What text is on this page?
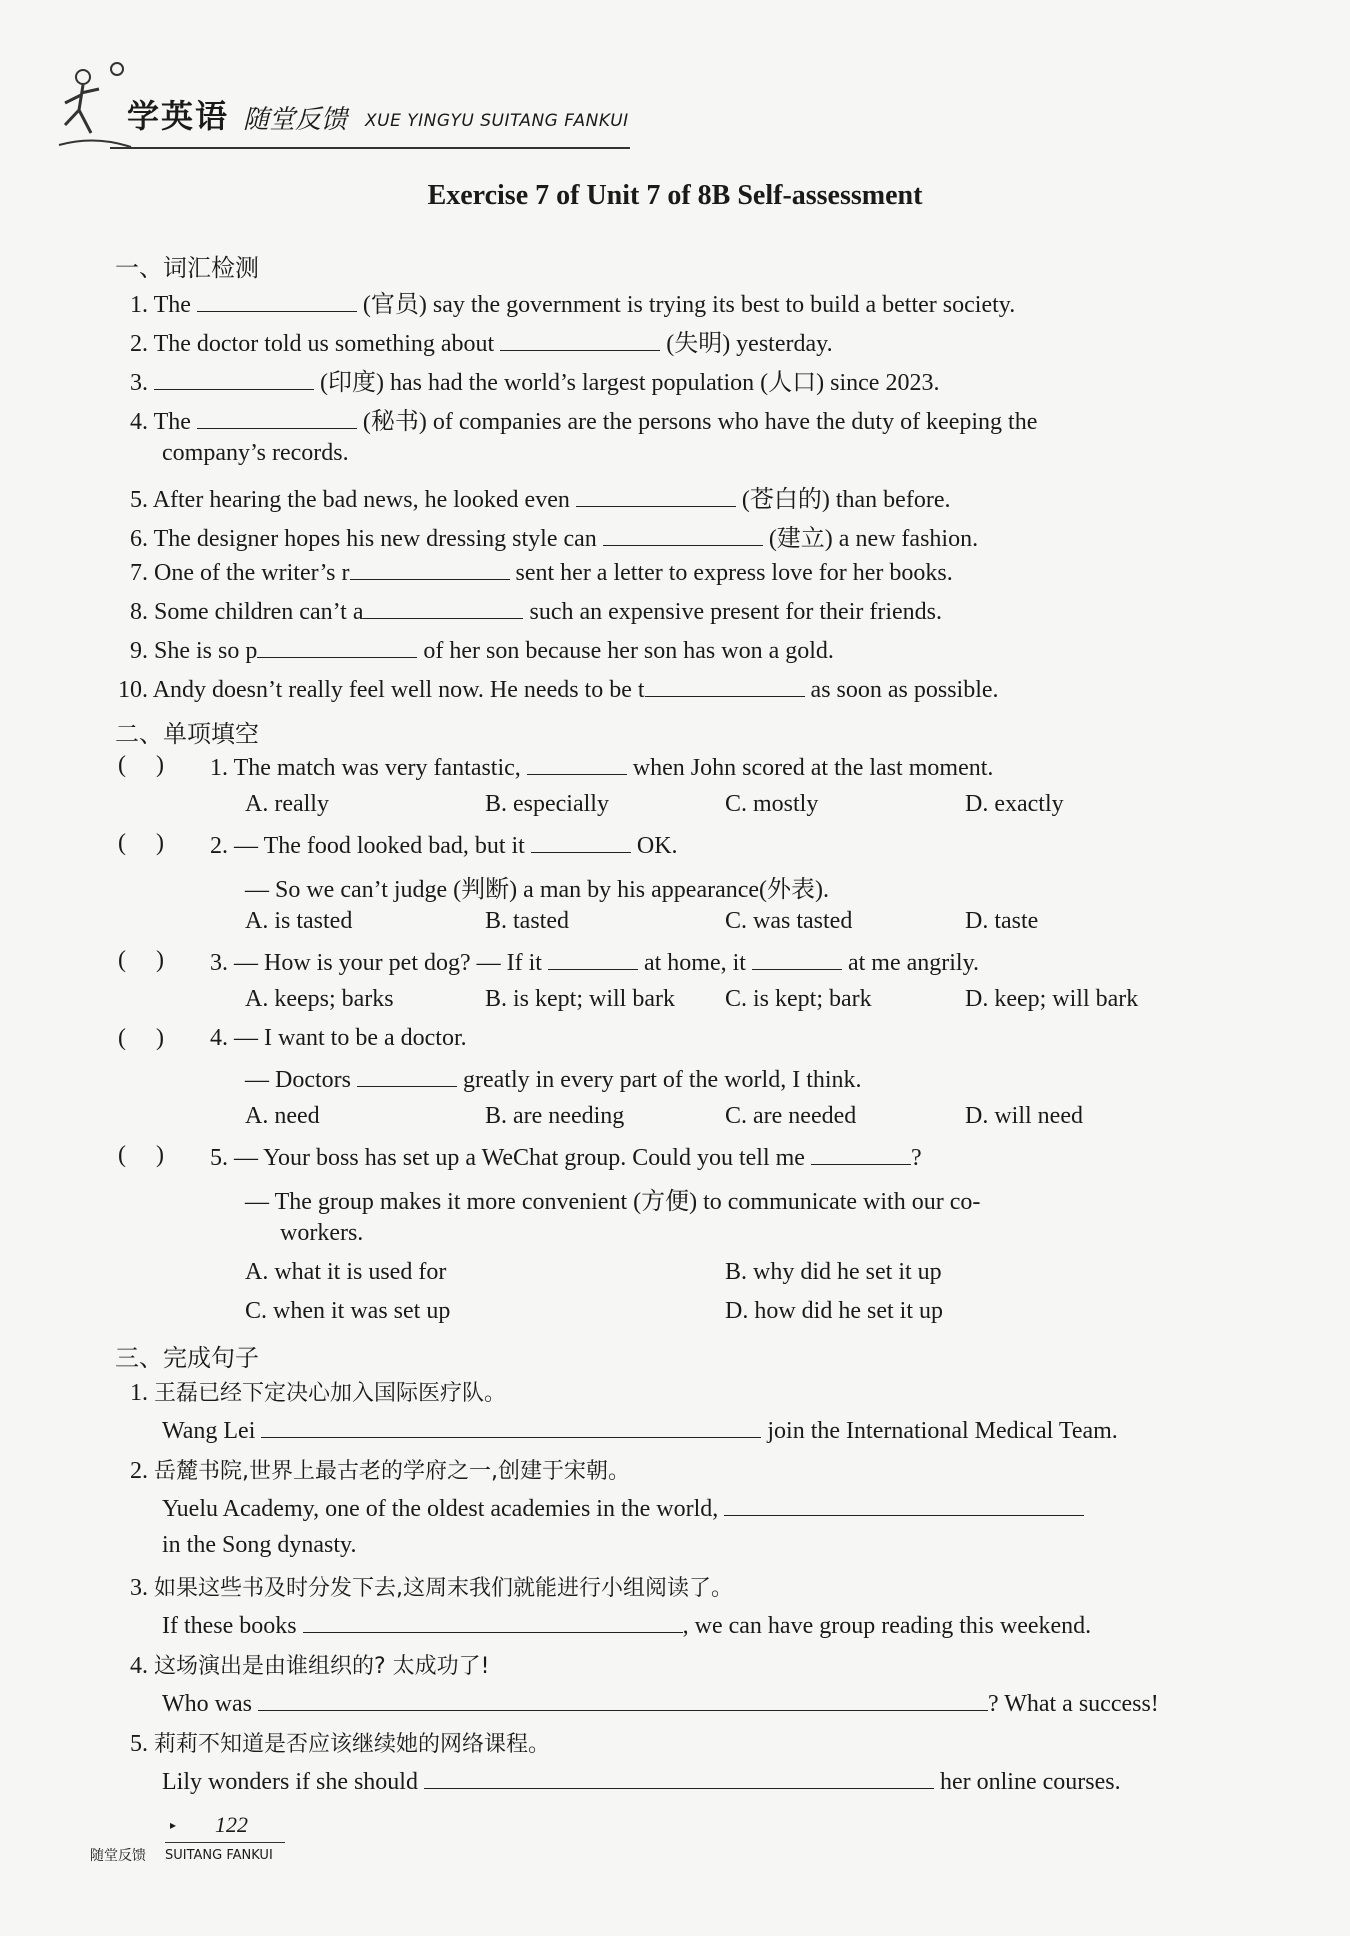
学英语 随堂反馈 XUE YINGYU SUITANG FANKUI
Exercise 7 of Unit 7 of 8B Self-assessment
一、词汇检测
1. The	(官员) say the government is trying its best to build a better society.
2. The doctor told us something about	(失明) yesterday.
3.	(印度) has had the world’s largest population (人口) since 2023.
4. The	(秘书) of companies are the persons who have the duty of keeping the
company’s records.
5. After hearing the bad news, he looked even	(苍白的) than before.
6. The designer hopes his new dressing style can	(建立) a new fashion.
7. One of the writer’s r	sent her a letter to express love for her books.
8. Some children can’t a	such an expensive present for their friends.
9. She is so p	of her son because her son has won a gold.
10. Andy doesn’t really feel well now. He needs to be t	as soon as possible.
二、单项填空
(     ) 1. The match was very fantastic,	when John scored at the last moment.
A. really	B. especially	C. mostly	D. exactly
(     ) 2. — The food looked bad, but it	OK.
— So we can’t judge (判断) a man by his appearance(外表).
A. is tasted	B. tasted	C. was tasted	D. taste
(     ) 3. — How is your pet dog? — If it	at home, it	at me angrily.
A. keeps; barks	B. is kept; will bark C. is kept; bark	D. keep; will bark
(     ) 4. — I want to be a doctor.
— Doctors	greatly in every part of the world, I think.
A. need	B. are needing	C. are needed	D. will need
(     ) 5. — Your boss has set up a WeChat group. Could you tell me	?
— The group makes it more convenient (方便) to communicate with our co-
workers.
A. what it is used for	B. why did he set it up
C. when it was set up	D. how did he set it up
三、完成句子
1. 王磊已经下定决心加入国际医疗队。
Wang Lei	join the International Medical Team.
2. 岳麓书院,世界上最古老的学府之一,创建于宋朝。
Yuelu Academy, one of the oldest academies in the world,
in the Song dynasty.
3. 如果这些书及时分发下去,这周末我们就能进行小组阅读了。
If these books	, we can have group reading this weekend.
4. 这场演出是由谁组织的? 太成功了!
Who was	? What a success!
5. 莉莉不知道是否应该继续她的网络课程。
Lily wonders if she should	her online courses.
▸ 122
随堂反馈 SUITANG FANKUI
